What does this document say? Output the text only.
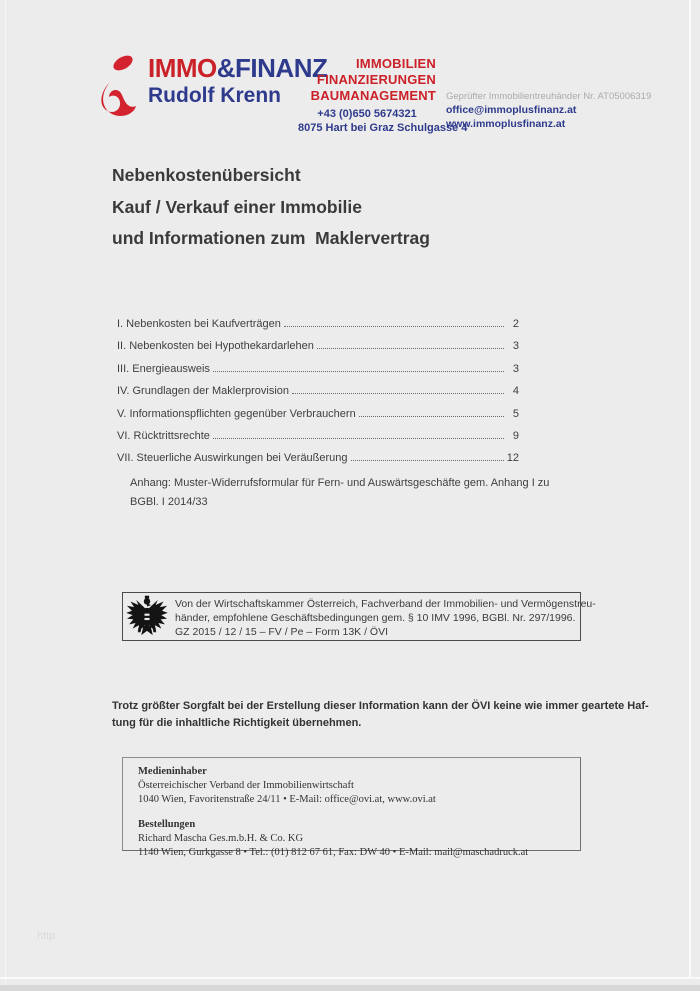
IMMO&FINANZ
Rudolf Krenn
IMMOBILIEN
FINANZIERUNGEN
BAUMANAGEMENT
+43 (0)650 5674321
8075 Hart bei Graz Schulgasse 4
Geprüfter Immobilientreuhänder Nr. AT05006319
office@immoplusfinanz.at
www.immoplusfinanz.at
Nebenkostenübersicht
Kauf / Verkauf einer Immobilie
und Informationen zum  Maklervertrag
I. Nebenkosten bei Kaufverträgen	2
II. Nebenkosten bei Hypothekardarlehen	3
III. Energieausweis	3
IV. Grundlagen der Maklerprovision	4
V. Informationspflichten gegenüber Verbrauchern	5
VI. Rücktrittsrechte	9
VII. Steuerliche Auswirkungen bei Veräußerung	12
Anhang: Muster-Widerrufsformular für Fern- und Auswärtsgeschäfte gem. Anhang I zu
BGBl. I 2014/33
Von der Wirtschaftskammer Österreich, Fachverband der Immobilien- und Vermögenstreu-
händer, empfohlene Geschäftsbedingungen gem. § 10 IMV 1996, BGBl. Nr. 297/1996.
GZ 2015 / 12 / 15 – FV / Pe – Form 13K / ÖVI
Trotz größter Sorgfalt bei der Erstellung dieser Information kann der ÖVI keine wie immer geartete Haf-
tung für die inhaltliche Richtigkeit übernehmen.
Medieninhaber
Österreichischer Verband der Immobilienwirtschaft
1040 Wien, Favoritenstraße 24/11 • E-Mail: office@ovi.at, www.ovi.at
Bestellungen
Richard Mascha Ges.m.b.H. & Co. KG
1140 Wien, Gurkgasse 8 • Tel.: (01) 812 67 61, Fax: DW 40 • E-Mail: mail@maschadruck.at
http
